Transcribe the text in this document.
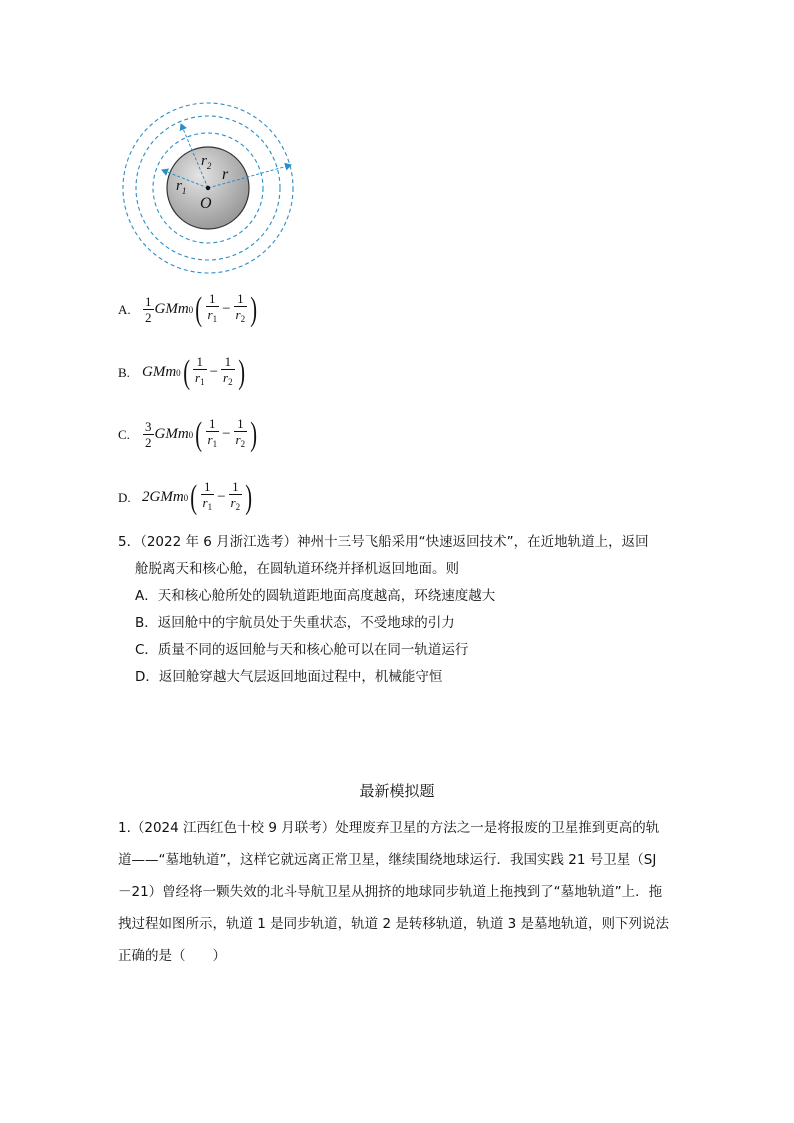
$r_2$
$r_1$
r
O
A. $\frac{1}{2}$ GMm 0 ( $\frac{1}{r_1} - \frac{1}{r_2}$ )
B. GMm 0 ( $\frac{1}{r_1} - \frac{1}{r_2}$ )
C.	$\frac{3}{2}$ GMm 0 ( $\frac{1}{r_1} - \frac{1}{r_2}$ )
D. 2GMm 0 ( $\frac{1}{r_1} - \frac{1}{r_2}$ )
5．（2022 年 6 月浙江选考）神州十三号飞船采用“快速返回技术”，在近地轨道上，返回
舱脱离天和核心舱，在圆轨道环绕并择机返回地面。则
A．天和核心舱所处的圆轨道距地面高度越高，环绕速度越大
B．返回舱中的宇航员处于失重状态，不受地球的引力
C．质量不同的返回舱与天和核心舱可以在同一轨道运行
D．返回舱穿越大气层返回地面过程中，机械能守恒
最新模拟题
1.（2024 江西红色十校 9 月联考）处理废弃卫星的方法之一是将报废的卫星推到更高的轨
道——“墓地轨道”，这样它就远离正常卫星，继续围绕地球运行．我国实践 21 号卫星（SJ
－21）曾经将一颗失效的北斗导航卫星从拥挤的地球同步轨道上拖拽到了“墓地轨道”上．拖
拽过程如图所示，轨道 1 是同步轨道，轨道 2 是转移轨道，轨道 3 是墓地轨道，则下列说法
正确的是（　　）
